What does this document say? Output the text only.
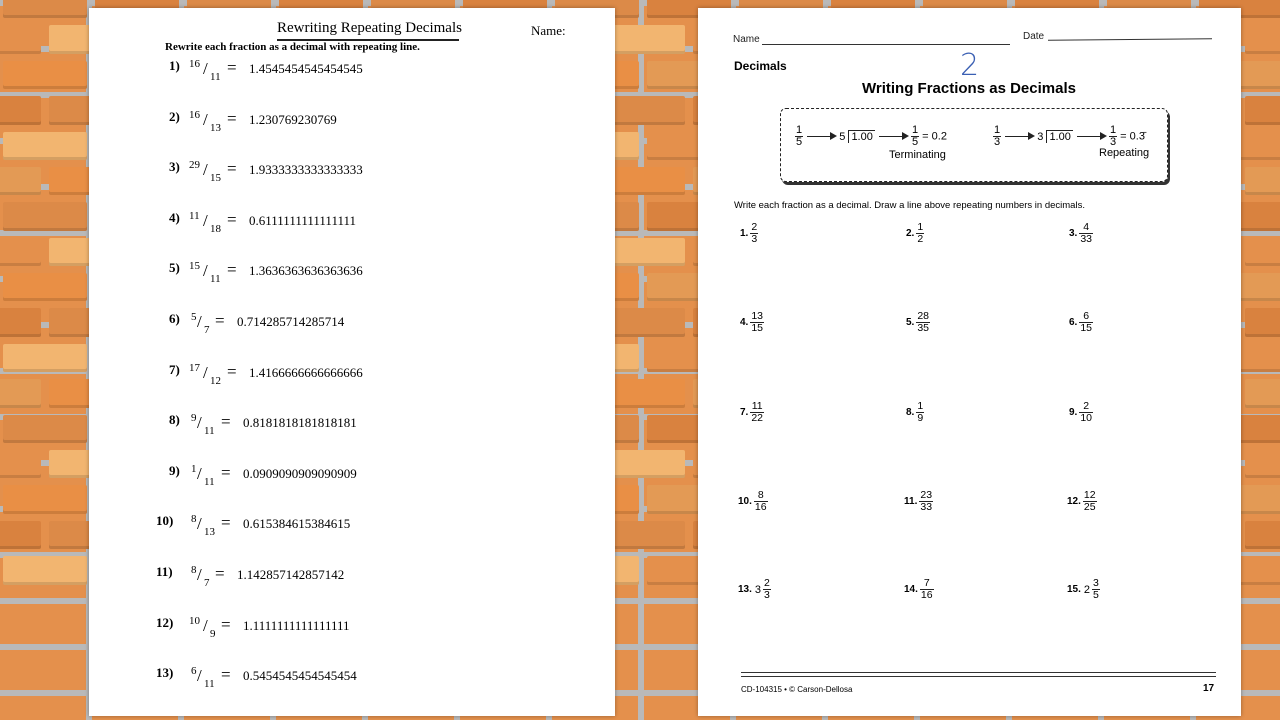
Rewriting Repeating Decimals	Name:
Rewrite each fraction as a decimal with repeating line.
1) 16 / 11 = 1.4545454545454545
2) 16 / 13 = 1.230769230769
3) 29 / 15 = 1.9333333333333333
4) 11 / 18 = 0.6111111111111111
5) 15 / 11 = 1.3636363636363636
6) 5 / 7 = 0.714285714285714
7) 17 / 12 = 1.4166666666666666
8) 9 / 11 = 0.8181818181818181
9) 1 / 11 = 0.0909090909090909
10) 8 / 13 = 0.615384615384615
11) 8 / 7 = 1.142857142857142
12) 10 / 9 = 1.1111111111111111
13) 6 / 11 = 0.5454545454545454
Name	Date
2
Decimals
Writing Fractions as Decimals
$\frac{1}{5}$	5 1.00	$\frac{1}{5} = 0.2$
Terminating
$\frac{1}{3}$	3 1.00	$\frac{1}{3}$ = 0.3̄
Repeating
Write each fraction as a decimal. Draw a line above repeating numbers in decimals.
1. $\frac{2}{3}$	2. $\frac{1}{2}$	3. $\frac{4}{33}$
4. $\frac{13}{15}$	5. $\frac{28}{35}$	6. $\frac{6}{15}$
7. $\frac{11}{22}$	8. $\frac{1}{9}$	9. $\frac{2}{10}$
10. $\frac{8}{16}$	11. $\frac{23}{33}$	12. $\frac{12}{25}$
13. $3 \frac{2}{3}$	14. $\frac{7}{16}$	15. $2 \frac{3}{5}$
CD-104315 • © Carson-Dellosa	17
